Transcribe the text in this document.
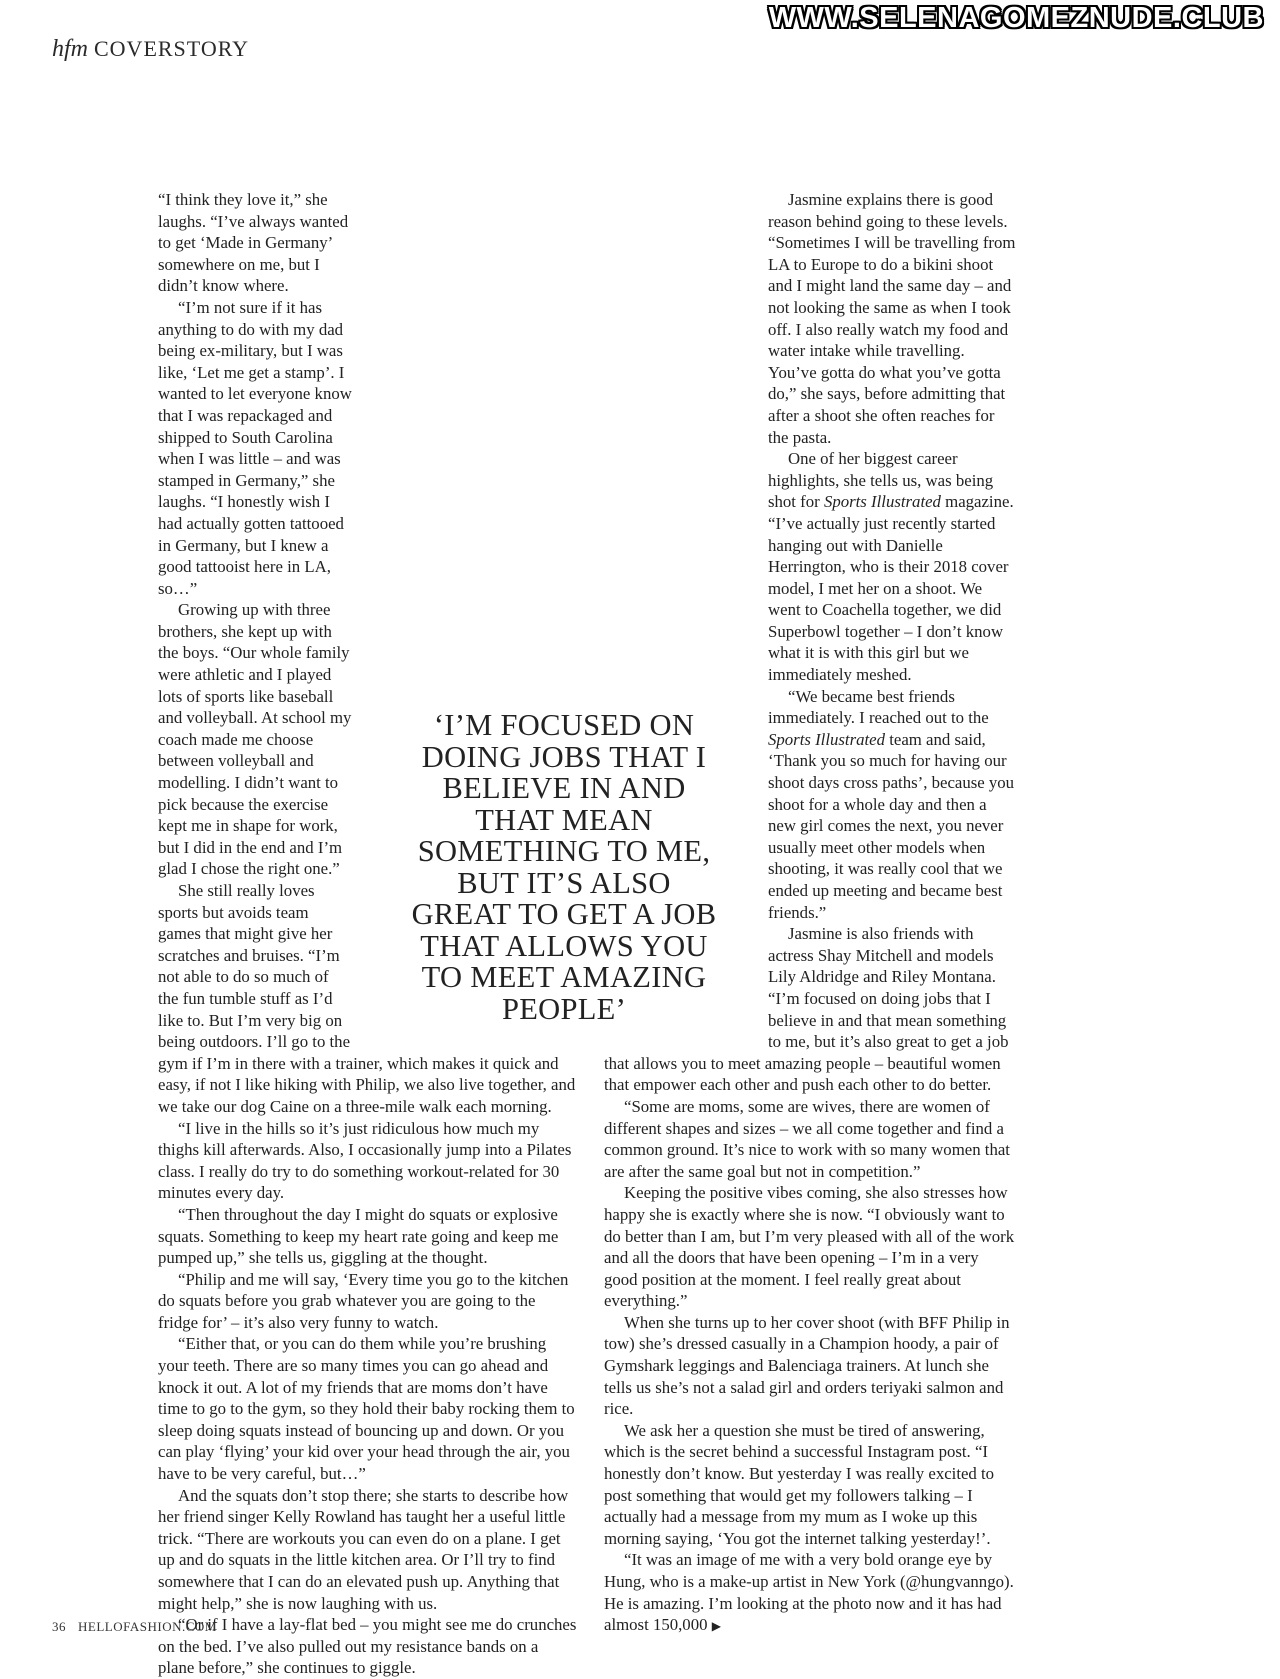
WWW.SELENAGOMEZNUDE.CLUB
hfm COVERSTORY

“I think they love it,” she laughs. “I’ve always wanted to get ‘Made in Germany’ somewhere on me, but I didn’t know where.

“I’m not sure if it has anything to do with my dad being ex-military, but I was like, ‘Let me get a stamp’. I wanted to let everyone know that I was repackaged and shipped to South Carolina when I was little – and was stamped in Germany,” she laughs. “I honestly wish I had actually gotten tattooed in Germany, but I knew a good tattooist here in LA, so…”

Growing up with three brothers, she kept up with the boys. “Our whole family were athletic and I played lots of sports like baseball and volleyball. At school my coach made me choose between volleyball and modelling. I didn’t want to pick because the exercise kept me in shape for work, but I did in the end and I’m glad I chose the right one.”

She still really loves sports but avoids team games that might give her scratches and bruises. “I’m not able to do so much of the fun tumble stuff as I’d like to. But I’m very big on being outdoors. I’ll go to the gym if I’m in there with a trainer, which makes it quick and easy, if not I like hiking with Philip, we also live together, and we take our dog Caine on a three-mile walk each morning.

“I live in the hills so it’s just ridiculous how much my thighs kill afterwards. Also, I occasionally jump into a Pilates class. I really do try to do something workout-related for 30 minutes every day.

“Then throughout the day I might do squats or explosive squats. Something to keep my heart rate going and keep me pumped up,” she tells us, giggling at the thought.

“Philip and me will say, ‘Every time you go to the kitchen do squats before you grab whatever you are going to the fridge for’ – it’s also very funny to watch.

“Either that, or you can do them while you’re brushing your teeth. There are so many times you can go ahead and knock it out. A lot of my friends that are moms don’t have time to go to the gym, so they hold their baby rocking them to sleep doing squats instead of bouncing up and down. Or you can play ‘flying’ your kid over your head through the air, you have to be very careful, but…”

And the squats don’t stop there; she starts to describe how her friend singer Kelly Rowland has taught her a useful little trick. “There are workouts you can even do on a plane. I get up and do squats in the little kitchen area. Or I’ll try to find somewhere that I can do an elevated push up. Anything that might help,” she is now laughing with us.

“Or if I have a lay-flat bed – you might see me do crunches on the bed. I’ve also pulled out my resistance bands on a plane before,” she continues to giggle.

Jasmine explains there is good reason behind going to these levels. “Sometimes I will be travelling from LA to Europe to do a bikini shoot and I might land the same day – and not looking the same as when I took off. I also really watch my food and water intake while travelling. You’ve gotta do what you’ve gotta do,” she says, before admitting that after a shoot she often reaches for the pasta.

One of her biggest career highlights, she tells us, was being shot for Sports Illustrated magazine. “I’ve actually just recently started hanging out with Danielle Herrington, who is their 2018 cover model, I met her on a shoot. We went to Coachella together, we did Superbowl together – I don’t know what it is with this girl but we immediately meshed.

“We became best friends immediately. I reached out to the Sports Illustrated team and said, ‘Thank you so much for having our shoot days cross paths’, because you shoot for a whole day and then a new girl comes the next, you never usually meet other models when shooting, it was really cool that we ended up meeting and became best friends.”

Jasmine is also friends with actress Shay Mitchell and models Lily Aldridge and Riley Montana. “I’m focused on doing jobs that I believe in and that mean something to me, but it’s also great to get a job that allows you to meet amazing people – beautiful women that empower each other and push each other to do better.

“Some are moms, some are wives, there are women of different shapes and sizes – we all come together and find a common ground. It’s nice to work with so many women that are after the same goal but not in competition.”

Keeping the positive vibes coming, she also stresses how happy she is exactly where she is now. “I obviously want to do better than I am, but I’m very pleased with all of the work and all the doors that have been opening – I’m in a very good position at the moment. I feel really great about everything.”

When she turns up to her cover shoot (with BFF Philip in tow) she’s dressed casually in a Champion hoody, a pair of Gymshark leggings and Balenciaga trainers. At lunch she tells us she’s not a salad girl and orders teriyaki salmon and rice.

We ask her a question she must be tired of answering, which is the secret behind a successful Instagram post. “I honestly don’t know. But yesterday I was really excited to post something that would get my followers talking – I actually had a message from my mum as I woke up this morning saying, ‘You got the internet talking yesterday!’.

“It was an image of me with a very bold orange eye by Hung, who is a make-up artist in New York (@hungvanngo). He is amazing. I’m looking at the photo now and it has had almost 150,000 ▶

‘I’M FOCUSED ON DOING JOBS THAT I BELIEVE IN AND THAT MEAN SOMETHING TO ME, BUT IT’S ALSO GREAT TO GET A JOB THAT ALLOWS YOU TO MEET AMAZING PEOPLE’
36 HELLOFASHION.COM
